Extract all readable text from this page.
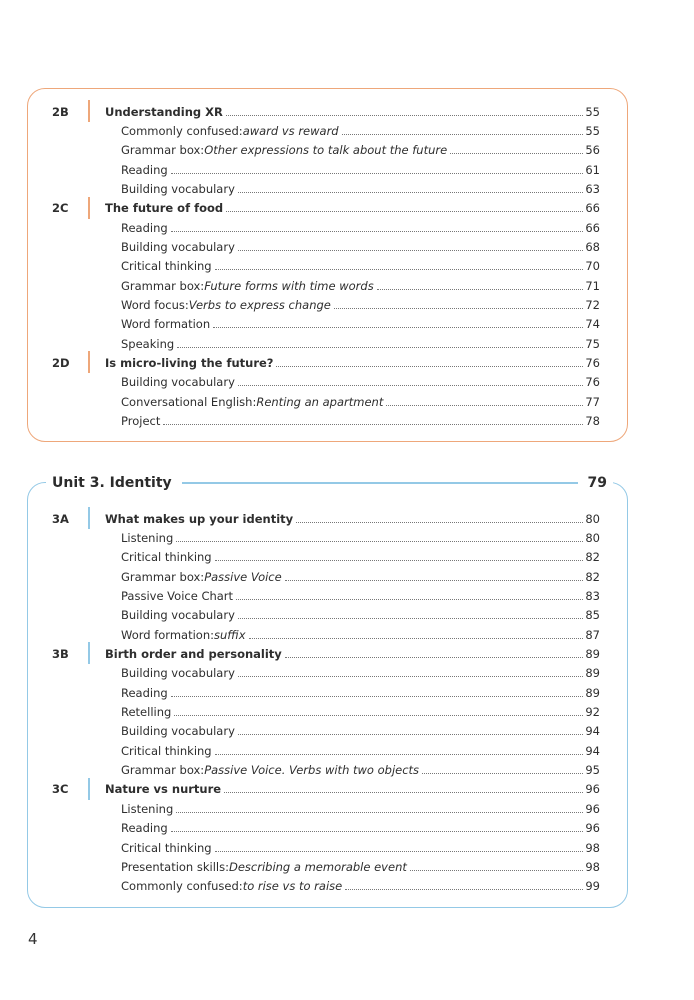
2B	Understanding XR	55
Commonly confused: award vs reward	55
Grammar box: Other expressions to talk about the future	56
Reading	61
Building vocabulary	63
2C	The future of food	66
Reading	66
Building vocabulary	68
Critical thinking	70
Grammar box: Future forms with time words	71
Word focus: Verbs to express change	72
Word formation	74
Speaking	75
2D	Is micro-living the future?	76
Building vocabulary	76
Conversational English: Renting an apartment	77
Project	78
Unit 3. Identity	79
3A	What makes up your identity	80
Listening	80
Critical thinking	82
Grammar box: Passive Voice	82
Passive Voice Chart	83
Building vocabulary	85
Word formation: suffix	87
3B	Birth order and personality	89
Building vocabulary	89
Reading	89
Retelling	92
Building vocabulary	94
Critical thinking	94
Grammar box: Passive Voice. Verbs with two objects	95
3C	Nature vs nurture	96
Listening	96
Reading	96
Critical thinking	98
Presentation skills: Describing a memorable event	98
Commonly confused: to rise vs to raise	99
4
